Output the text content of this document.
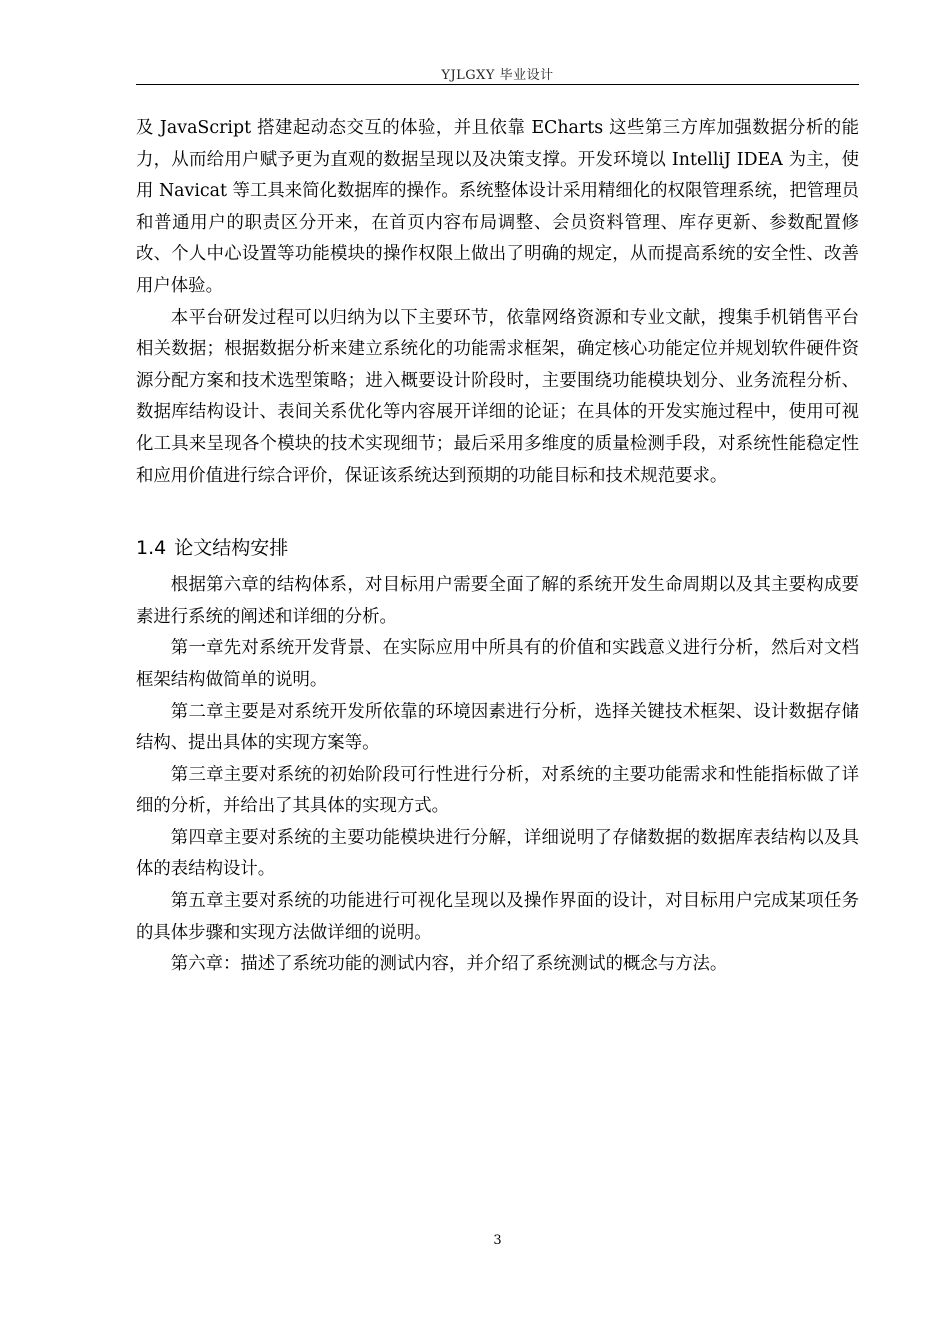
YJLGXY 毕业设计

及 JavaScript 搭建起动态交互的体验，并且依靠 ECharts 这些第三方库加强数据分析的能力，从而给用户赋予更为直观的数据呈现以及决策支撑。开发环境以 IntelliJ IDEA 为主，使用 Navicat 等工具来简化数据库的操作。系统整体设计采用精细化的权限管理系统，把管理员和普通用户的职责区分开来，在首页内容布局调整、会员资料管理、库存更新、参数配置修改、个人中心设置等功能模块的操作权限上做出了明确的规定，从而提高系统的安全性、改善用户体验。

本平台研发过程可以归纳为以下主要环节，依靠网络资源和专业文献，搜集手机销售平台相关数据；根据数据分析来建立系统化的功能需求框架，确定核心功能定位并规划软件硬件资源分配方案和技术选型策略；进入概要设计阶段时，主要围绕功能模块划分、业务流程分析、数据库结构设计、表间关系优化等内容展开详细的论证；在具体的开发实施过程中，使用可视化工具来呈现各个模块的技术实现细节；最后采用多维度的质量检测手段，对系统性能稳定性和应用价值进行综合评价，保证该系统达到预期的功能目标和技术规范要求。

1.4 论文结构安排

根据第六章的结构体系，对目标用户需要全面了解的系统开发生命周期以及其主要构成要素进行系统的阐述和详细的分析。

第一章先对系统开发背景、在实际应用中所具有的价值和实践意义进行分析，然后对文档框架结构做简单的说明。

第二章主要是对系统开发所依靠的环境因素进行分析，选择关键技术框架、设计数据存储结构、提出具体的实现方案等。

第三章主要对系统的初始阶段可行性进行分析，对系统的主要功能需求和性能指标做了详细的分析，并给出了其具体的实现方式。

第四章主要对系统的主要功能模块进行分解，详细说明了存储数据的数据库表结构以及具体的表结构设计。

第五章主要对系统的功能进行可视化呈现以及操作界面的设计，对目标用户完成某项任务的具体步骤和实现方法做详细的说明。

第六章：描述了系统功能的测试内容，并介绍了系统测试的概念与方法。

3
